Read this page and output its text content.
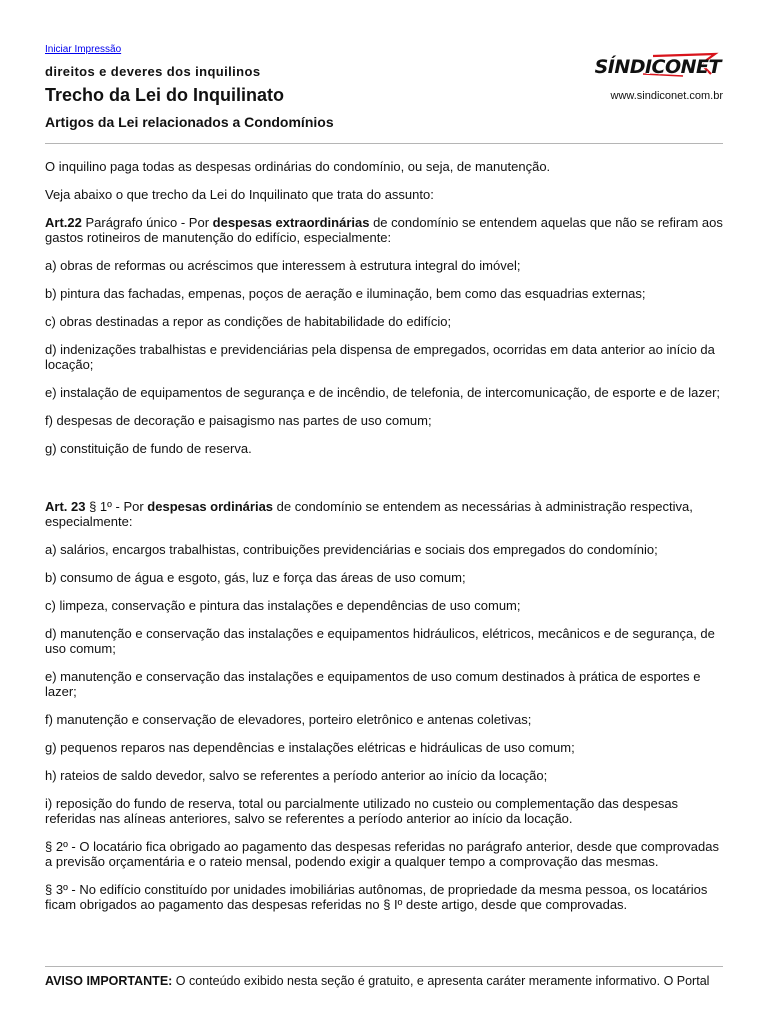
Iniciar Impressão
direitos e deveres dos inquilinos
Trecho da Lei do Inquilinato
Artigos da Lei relacionados a Condomínios
SÍNDICONET
www.sindiconet.com.br

O inquilino paga todas as despesas ordinárias do condomínio, ou seja, de manutenção.

Veja abaixo o que trecho da Lei do Inquilinato que trata do assunto:

Art.22 Parágrafo único - Por despesas extraordinárias de condomínio se entendem aquelas que não se refiram aos gastos rotineiros de manutenção do edifício, especialmente:

a) obras de reformas ou acréscimos que interessem à estrutura integral do imóvel;

b) pintura das fachadas, empenas, poços de aeração e iluminação, bem como das esquadrias externas;

c) obras destinadas a repor as condições de habitabilidade do edifício;

d) indenizações trabalhistas e previdenciárias pela dispensa de empregados, ocorridas em data anterior ao início da locação;

e) instalação de equipamentos de segurança e de incêndio, de telefonia, de intercomunicação, de esporte e de lazer;

f) despesas de decoração e paisagismo nas partes de uso comum;

g) constituição de fundo de reserva.

Art. 23 § 1º - Por despesas ordinárias de condomínio se entendem as necessárias à administração respectiva, especialmente:

a) salários, encargos trabalhistas, contribuições previdenciárias e sociais dos empregados do condomínio;

b) consumo de água e esgoto, gás, luz e força das áreas de uso comum;

c) limpeza, conservação e pintura das instalações e dependências de uso comum;

d) manutenção e conservação das instalações e equipamentos hidráulicos, elétricos, mecânicos e de segurança, de uso comum;

e) manutenção e conservação das instalações e equipamentos de uso comum destinados à prática de esportes e lazer;

f) manutenção e conservação de elevadores, porteiro eletrônico e antenas coletivas;

g) pequenos reparos nas dependências e instalações elétricas e hidráulicas de uso comum;

h) rateios de saldo devedor, salvo se referentes a período anterior ao início da locação;

i) reposição do fundo de reserva, total ou parcialmente utilizado no custeio ou complementação das despesas referidas nas alíneas anteriores, salvo se referentes a período anterior ao início da locação.

§ 2º - O locatário fica obrigado ao pagamento das despesas referidas no parágrafo anterior, desde que comprovadas a previsão orçamentária e o rateio mensal, podendo exigir a qualquer tempo a comprovação das mesmas.

§ 3º - No edifício constituído por unidades imobiliárias autônomas, de propriedade da mesma pessoa, os locatários ficam obrigados ao pagamento das despesas referidas no § Iº deste artigo, desde que comprovadas.

AVISO IMPORTANTE: O conteúdo exibido nesta seção é gratuito, e apresenta caráter meramente informativo. O Portal
